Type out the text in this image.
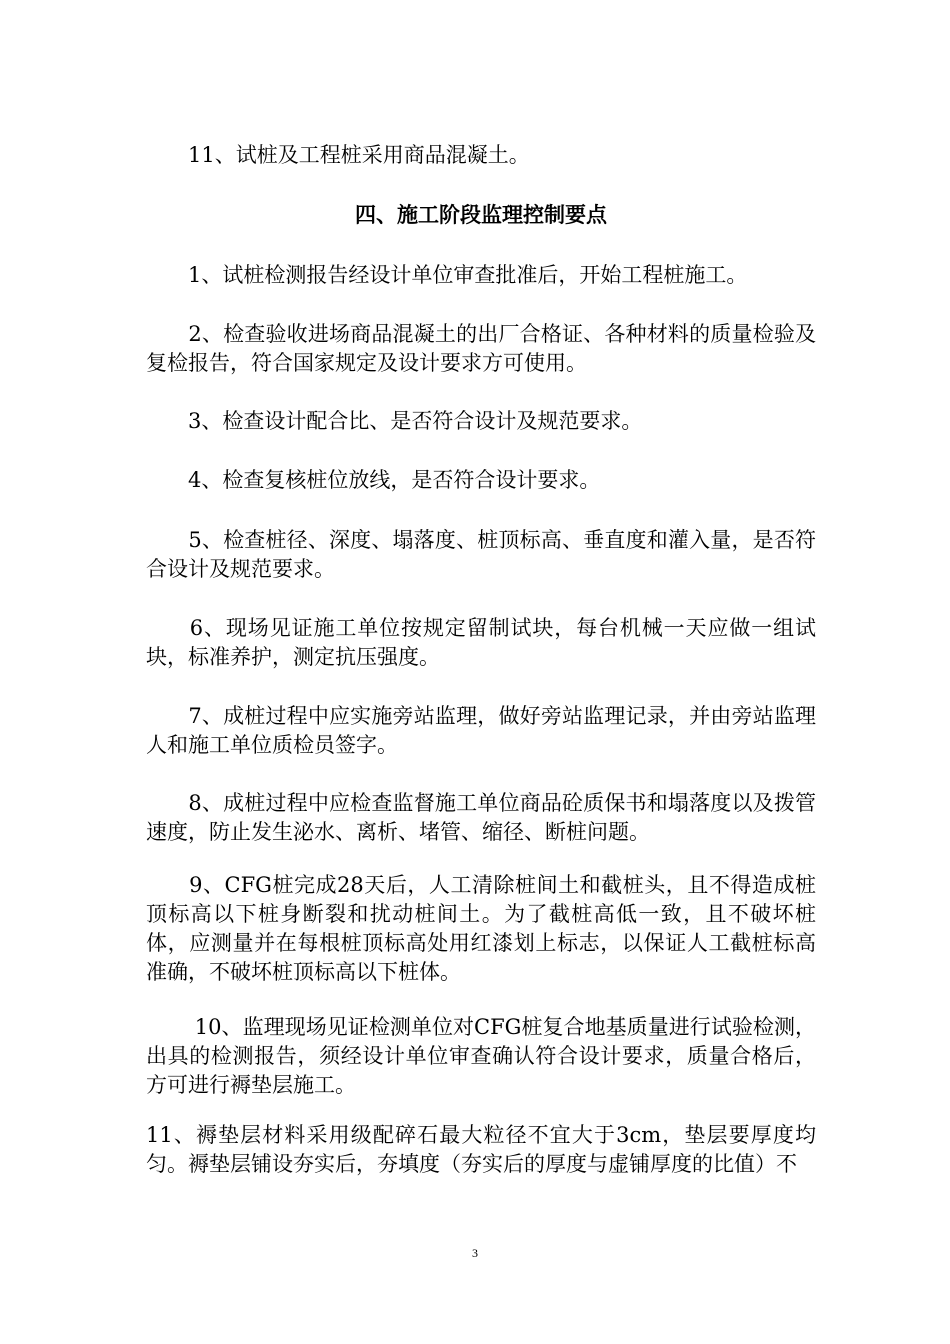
　　11、试桩及工程桩采用商品混凝土。
四、施工阶段监理控制要点
　　1、试桩检测报告经设计单位审查批准后，开始工程桩施工。
　　2、检查验收进场商品混凝土的出厂合格证、各种材料的质量检验及复检报告，符合国家规定及设计要求方可使用。
　　3、检查设计配合比、是否符合设计及规范要求。
　　4、检查复核桩位放线，是否符合设计要求。
　　5、检查桩径、深度、塌落度、桩顶标高、垂直度和灌入量，是否符合设计及规范要求。
　　6、现场见证施工单位按规定留制试块，每台机械一天应做一组试块，标准养护，测定抗压强度。
　　7、成桩过程中应实施旁站监理，做好旁站监理记录，并由旁站监理人和施工单位质检员签字。
　　8、成桩过程中应检查监督施工单位商品砼质保书和塌落度以及拨管速度，防止发生泌水、离析、堵管、缩径、断桩问题。
　　9、CFG桩完成28天后，人工清除桩间土和截桩头，且不得造成桩顶标高以下桩身断裂和扰动桩间土。为了截桩高低一致，且不破坏桩体，应测量并在每根桩顶标高处用红漆划上标志，以保证人工截桩标高准确，不破坏桩顶标高以下桩体。
　　 10、监理现场见证检测单位对CFG桩复合地基质量进行试验检测，出具的检测报告，须经设计单位审查确认符合设计要求，质量合格后，方可进行褥垫层施工。
11、褥垫层材料采用级配碎石最大粒径不宜大于3cm，垫层要厚度均匀。褥垫层铺设夯实后，夯填度（夯实后的厚度与虚铺厚度的比值）不
3
